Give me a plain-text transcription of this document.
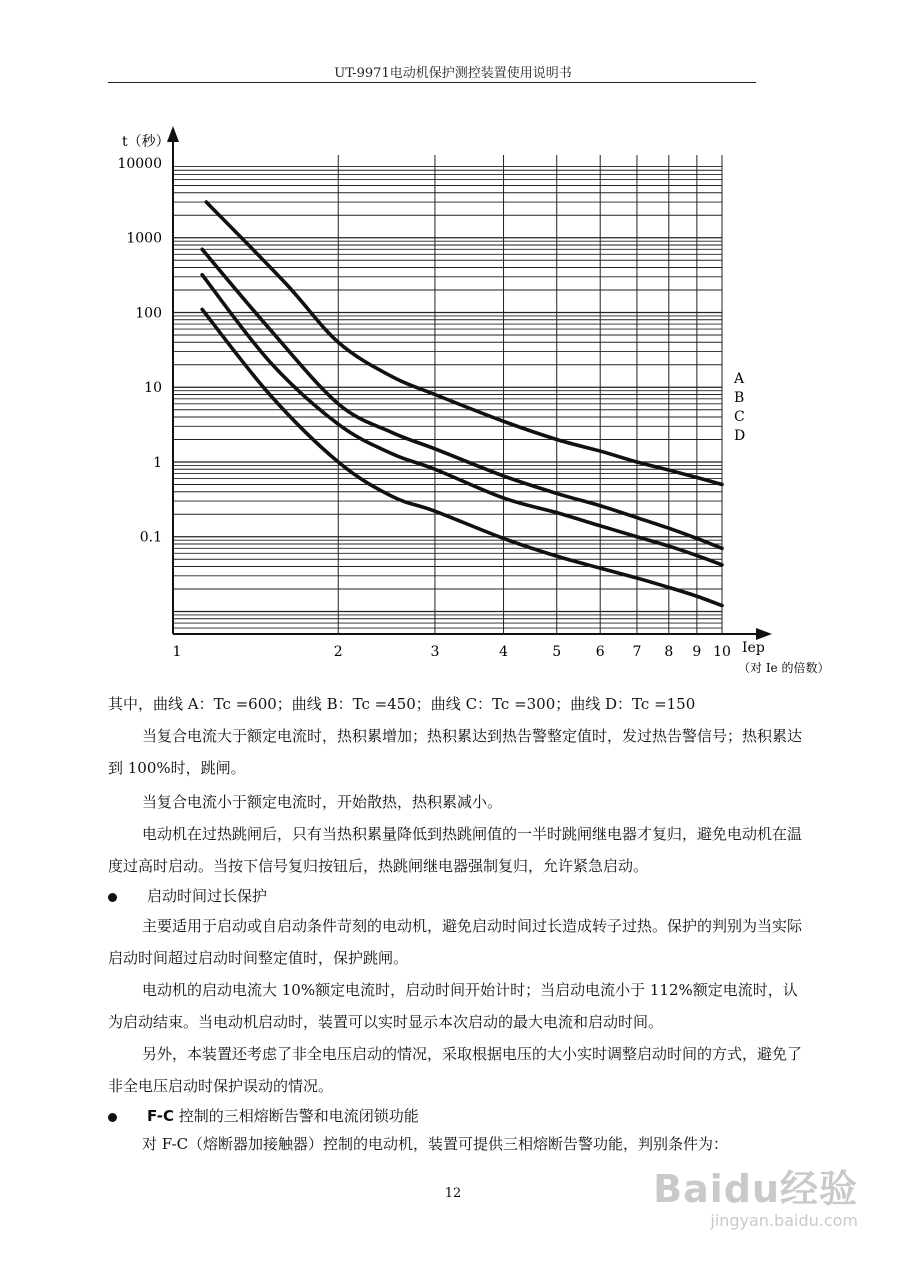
UT-9971电动机保护测控装置使用说明书
t（秒）
Iep
（对 Ie 的倍数）
10000
1000
100
10
1
0.1
1	2	3	4	5 6 7 8 9 10
A
B
C
D

其中，曲线 A：Tc =600；曲线 B：Tc =450；曲线 C：Tc =300；曲线 D：Tc =150

当复合电流大于额定电流时，热积累增加；热积累达到热告警整定值时，发过热告警信号；热积累达到 100%时，跳闸。

当复合电流小于额定电流时，开始散热，热积累减小。

电动机在过热跳闸后，只有当热积累量降低到热跳闸值的一半时跳闸继电器才复归，避免电动机在温度过高时启动。当按下信号复归按钮后，热跳闸继电器强制复归，允许紧急启动。

启动时间过长保护

主要适用于启动或自启动条件苛刻的电动机，避免启动时间过长造成转子过热。保护的判别为当实际启动时间超过启动时间整定值时，保护跳闸。

电动机的启动电流大 10%额定电流时，启动时间开始计时；当启动电流小于 112%额定电流时，认为启动结束。当电动机启动时，装置可以实时显示本次启动的最大电流和启动时间。

另外，本装置还考虑了非全电压启动的情况，采取根据电压的大小实时调整启动时间的方式，避免了非全电压启动时保护误动的情况。

F-C 控制的三相熔断告警和电流闭锁功能

对 F-C（熔断器加接触器）控制的电动机，装置可提供三相熔断告警功能，判别条件为：

12	Baidu经验
jingyan.baidu.com
